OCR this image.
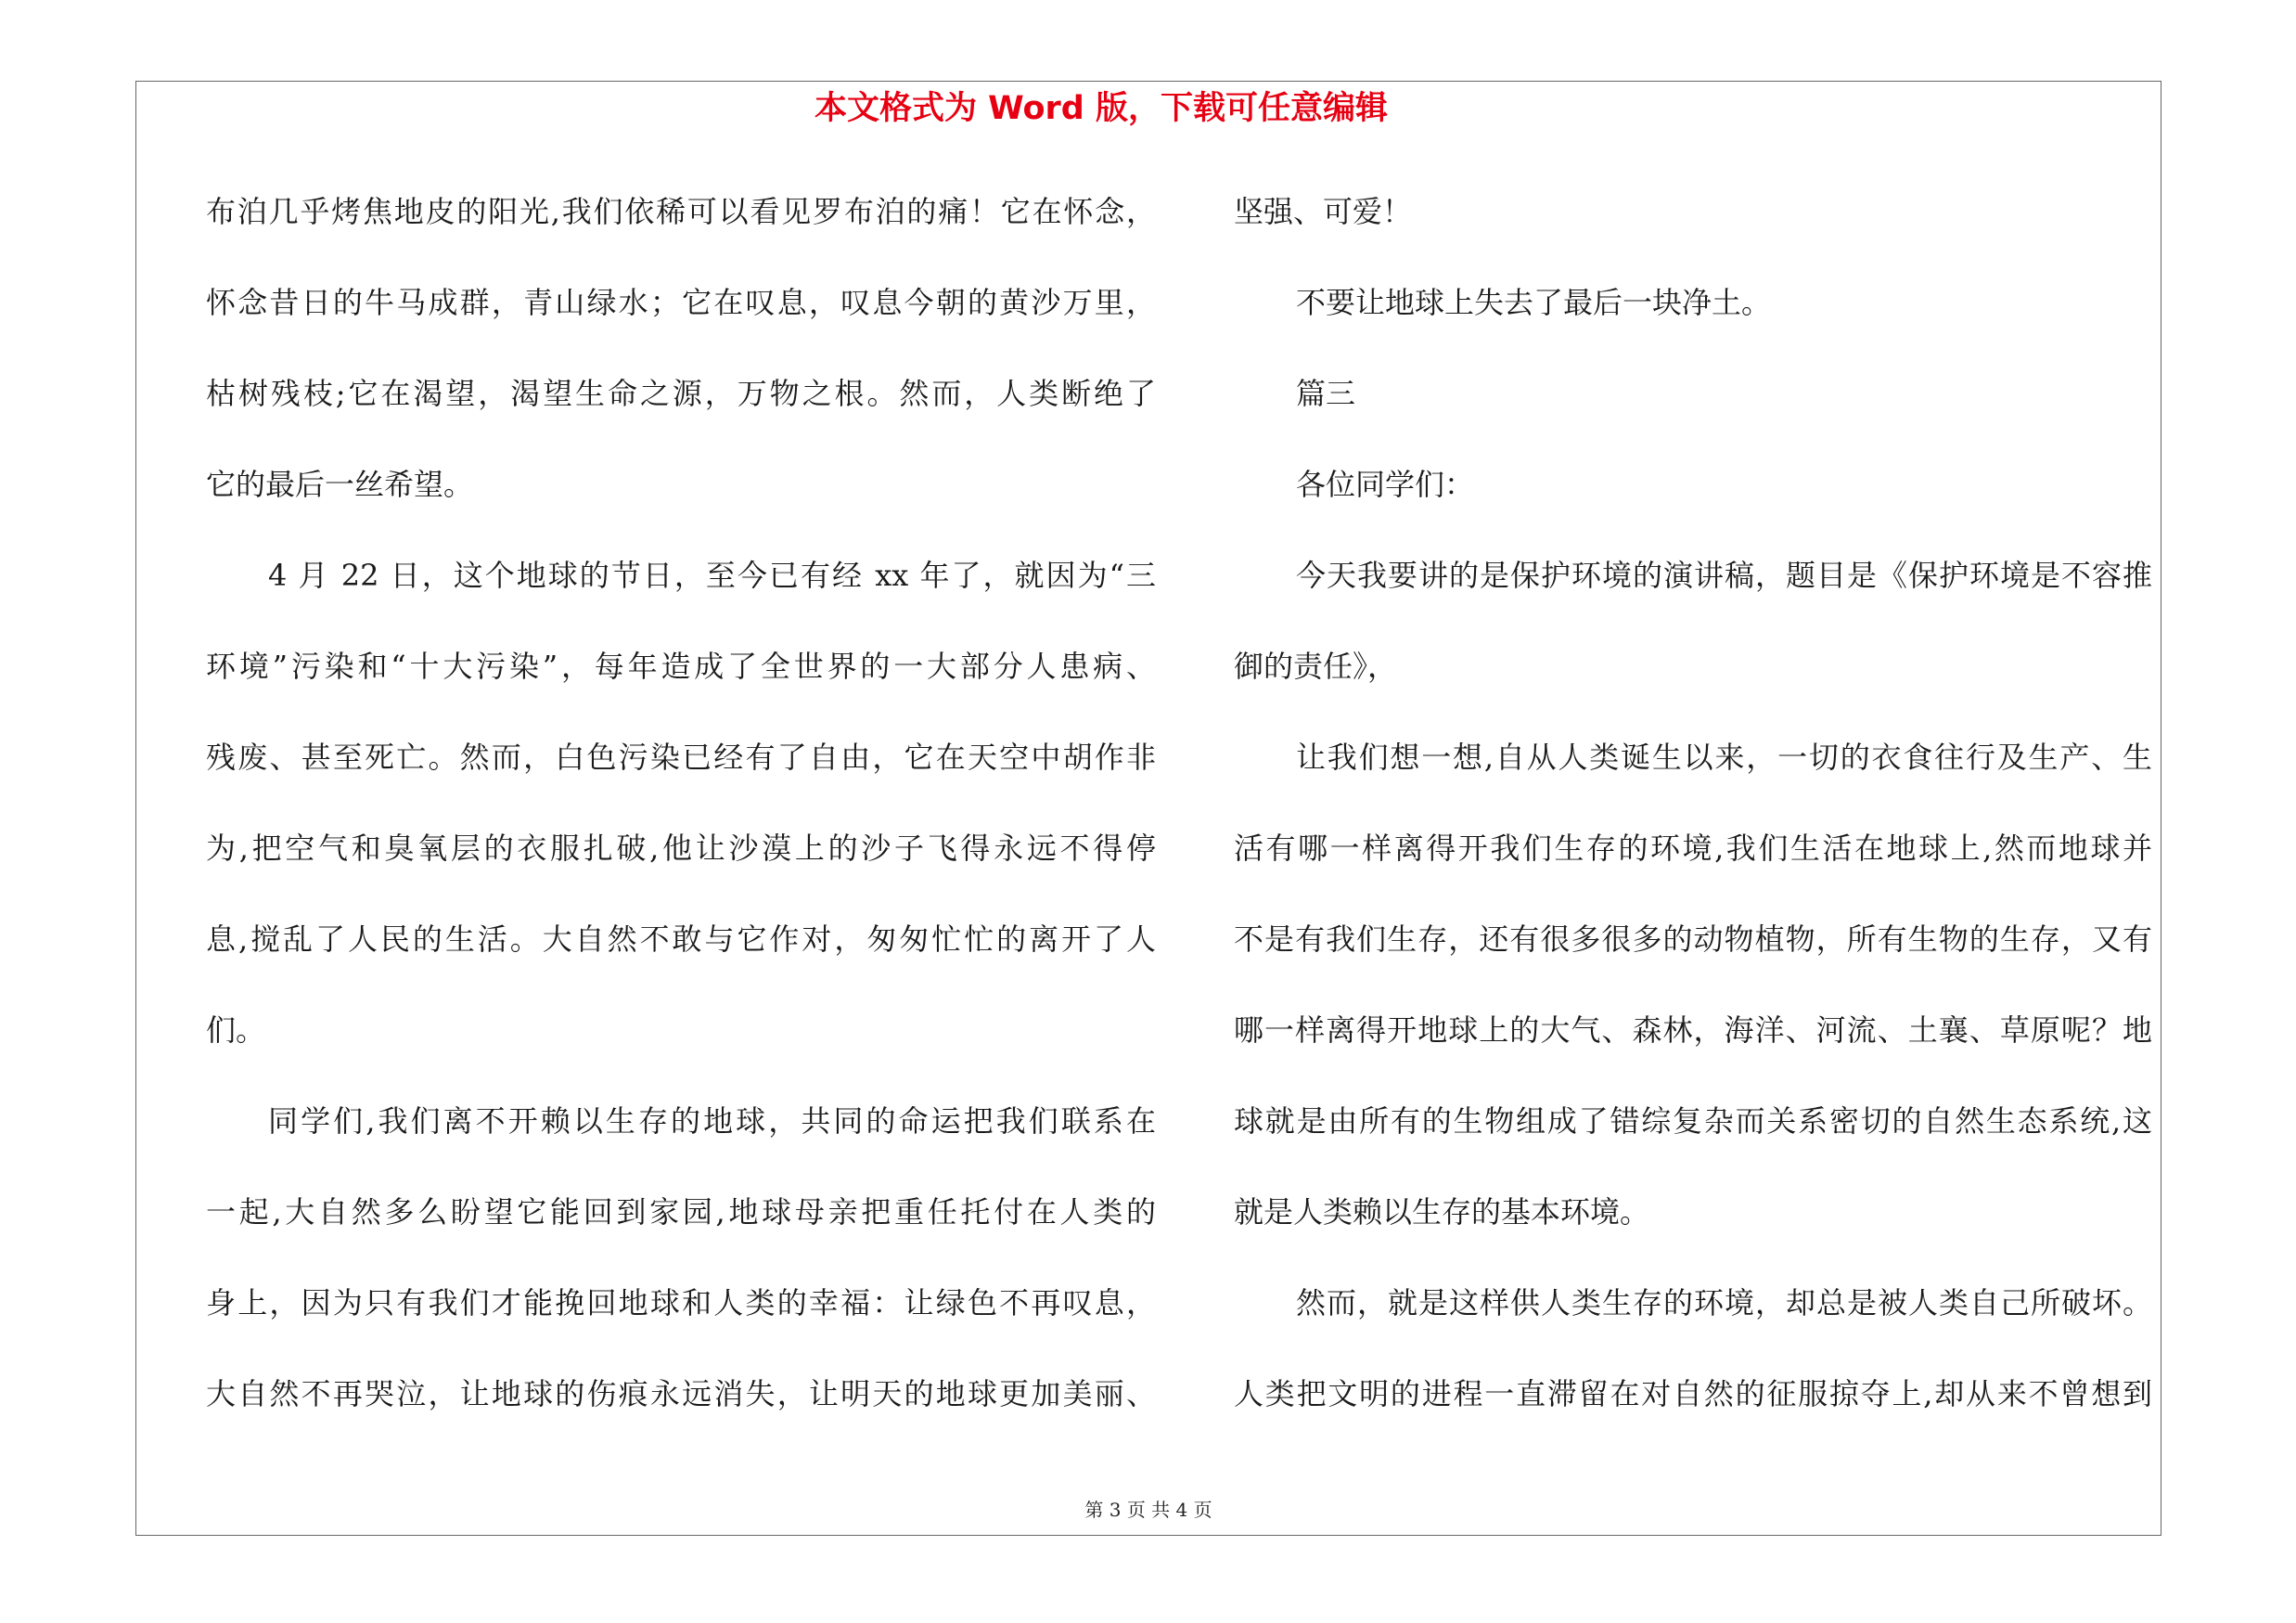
本文格式为 Word 版，下载可任意编辑
布泊几乎烤焦地皮的阳光,我们依稀可以看见罗布泊的痛！它在怀念，
怀念昔日的牛马成群，青山绿水；它在叹息，叹息今朝的黄沙万里，
枯树残枝;它在渴望，渴望生命之源，万物之根。然而，人类断绝了
它的最后一丝希望。
4 月 22 日，这个地球的节日，至今已有经 xx 年了，就因为“三
环境”污染和“十大污染”，每年造成了全世界的一大部分人患病、
残废、甚至死亡。然而，白色污染已经有了自由，它在天空中胡作非
为,把空气和臭氧层的衣服扎破,他让沙漠上的沙子飞得永远不得停
息,搅乱了人民的生活。大自然不敢与它作对，匆匆忙忙的离开了人
们。
同学们,我们离不开赖以生存的地球，共同的命运把我们联系在
一起,大自然多么盼望它能回到家园,地球母亲把重任托付在人类的
身上，因为只有我们才能挽回地球和人类的幸福：让绿色不再叹息，
大自然不再哭泣，让地球的伤痕永远消失，让明天的地球更加美丽、
坚强、可爱！
不要让地球上失去了最后一块净土。
篇三
各位同学们：
今天我要讲的是保护环境的演讲稿，题目是《保护环境是不容推
御的责任》，
让我们想一想,自从人类诞生以来，一切的衣食往行及生产、生
活有哪一样离得开我们生存的环境,我们生活在地球上,然而地球并
不是有我们生存，还有很多很多的动物植物，所有生物的生存，又有
哪一样离得开地球上的大气、森林，海洋、河流、土襄、草原呢？地
球就是由所有的生物组成了错综复杂而关系密切的自然生态系统,这
就是人类赖以生存的基本环境。
然而，就是这样供人类生存的环境，却总是被人类自己所破坏。
人类把文明的进程一直滞留在对自然的征服掠夺上,却从来不曾想到
第 3 页 共 4 页
